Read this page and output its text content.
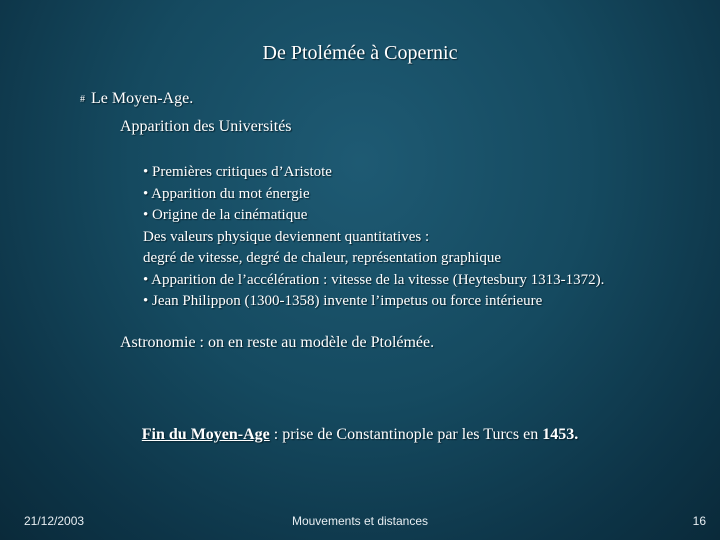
De Ptolémée à Copernic
# Le Moyen-Age.
Apparition des Universités
• Premières critiques d’Aristote
• Apparition du mot énergie
• Origine de la cinématique
Des valeurs physique deviennent quantitatives :
degré de vitesse, degré de chaleur, représentation graphique
• Apparition de l’accélération : vitesse de la vitesse (Heytesbury 1313-1372).
• Jean Philippon (1300-1358) invente l’impetus ou force intérieure
Astronomie : on en reste au modèle de Ptolémée.
Fin du Moyen-Age : prise de Constantinople par les Turcs en 1453.
21/12/2003	Mouvements et distances	16
